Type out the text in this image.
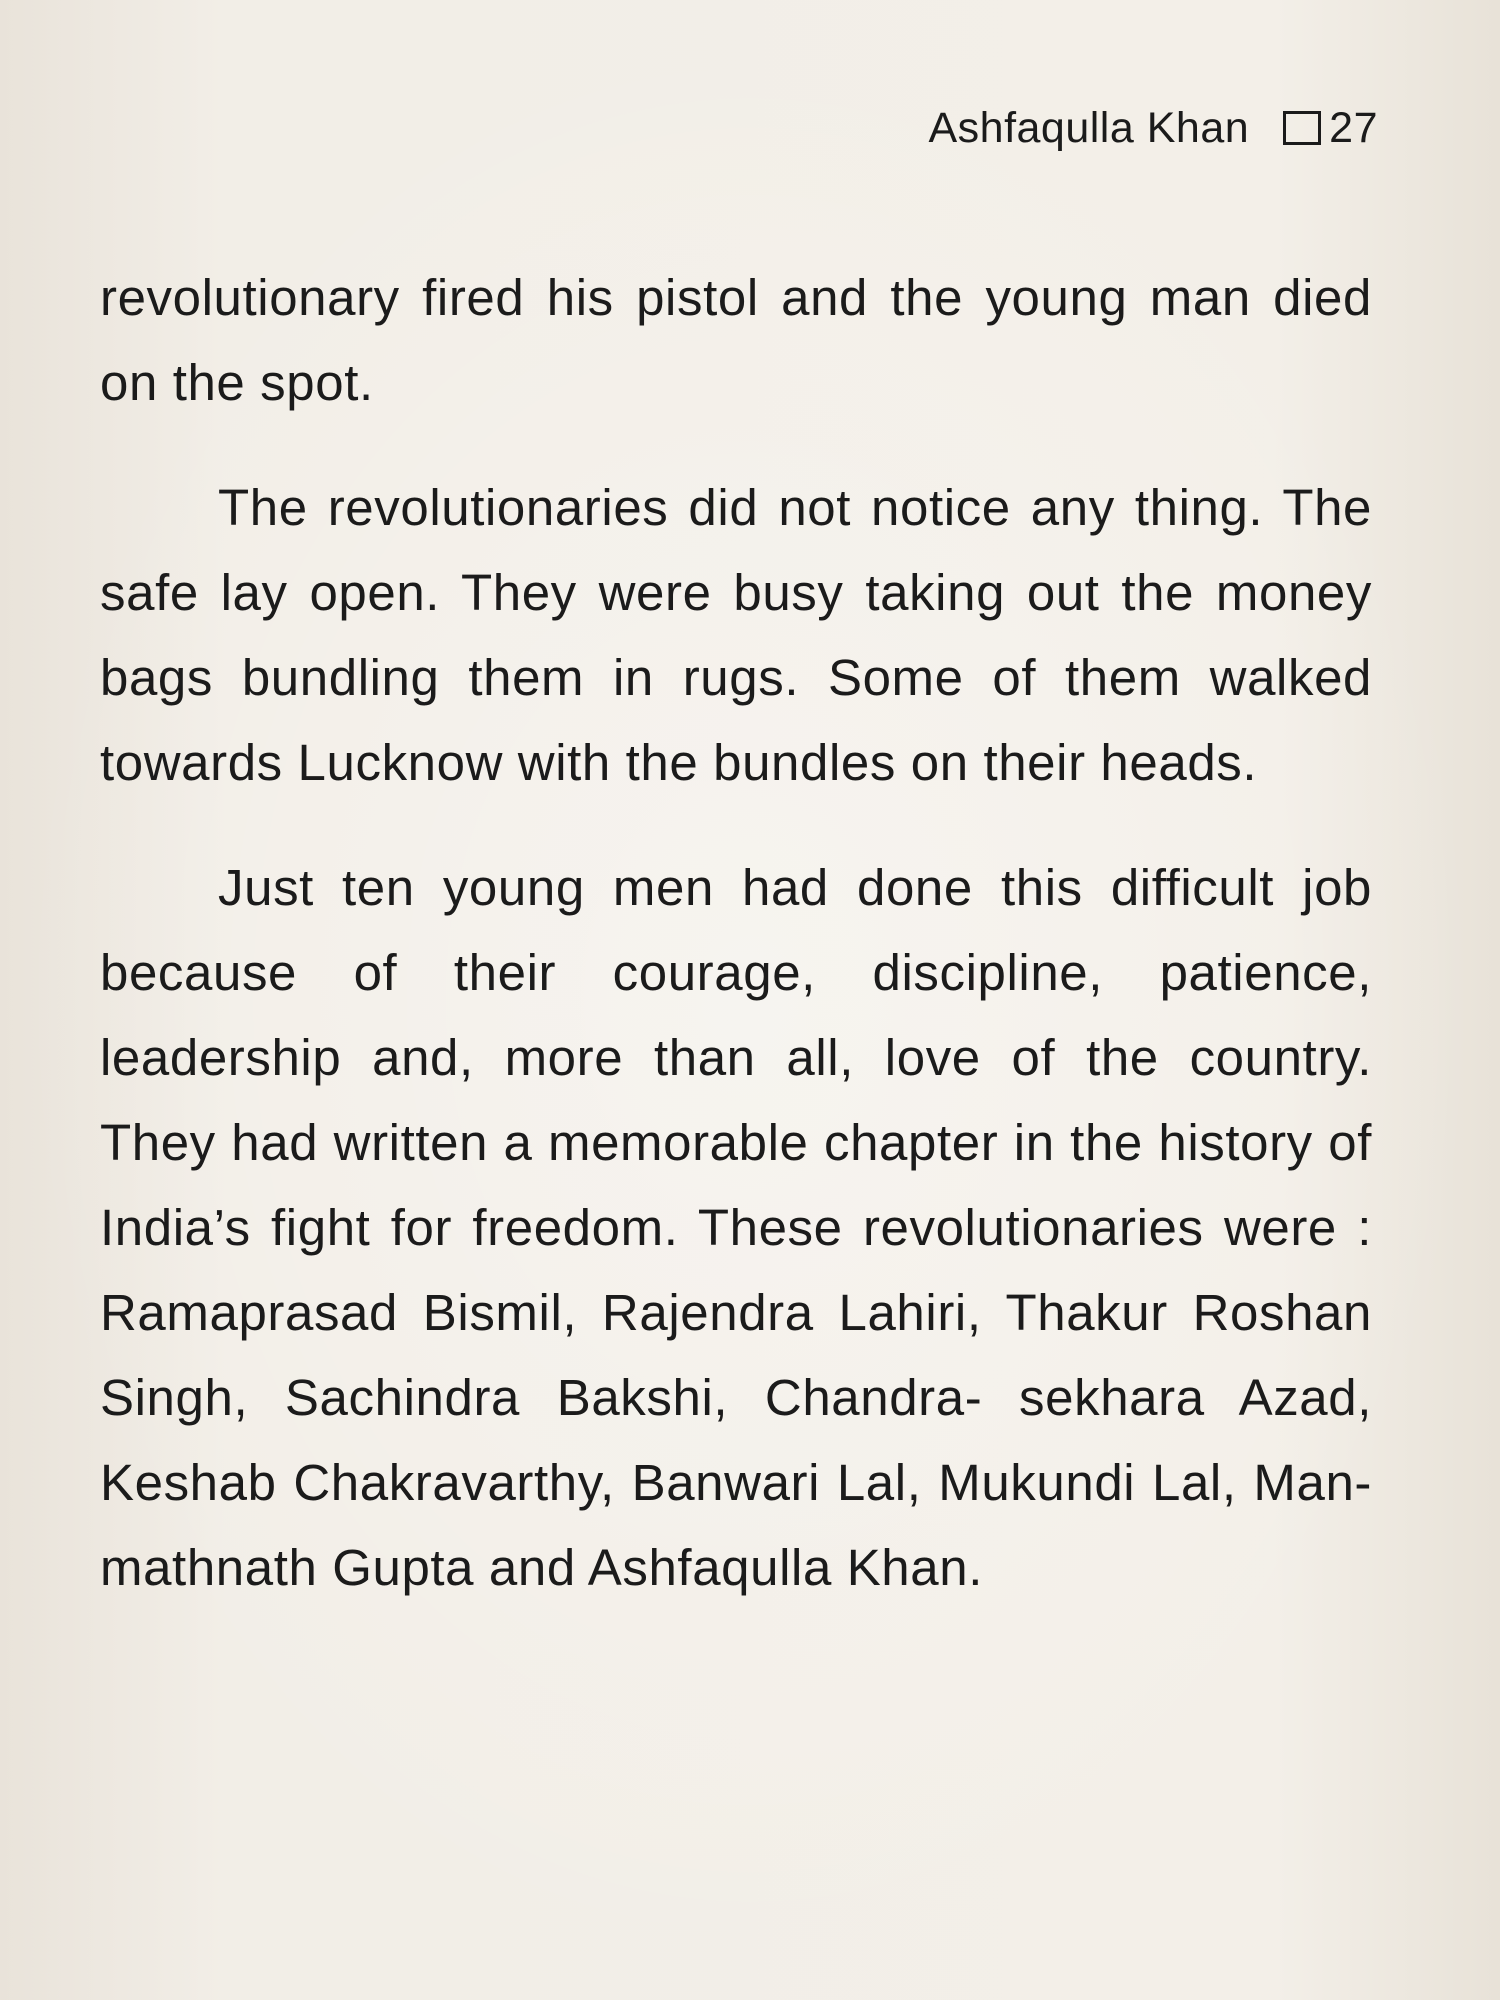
Ashfaqulla Khan 27

revolutionary fired his pistol and the young man died on the spot.

The revolutionaries did not notice any thing. The safe lay open. They were busy taking out the money bags bundling them in rugs. Some of them walked towards Lucknow with the bundles on their heads.

Just ten young men had done this difficult job because of their courage, discipline, patience, leadership and, more than all, love of the country. They had written a memorable chapter in the history of India’s fight for freedom. These revolutionaries were : Ramaprasad Bismil, Rajendra Lahiri, Thakur Roshan Singh, Sachindra Bakshi, Chandra- sekhara Azad, Keshab Chakravarthy, Banwari Lal, Mukundi Lal, Man-mathnath Gupta and Ashfaqulla Khan.
